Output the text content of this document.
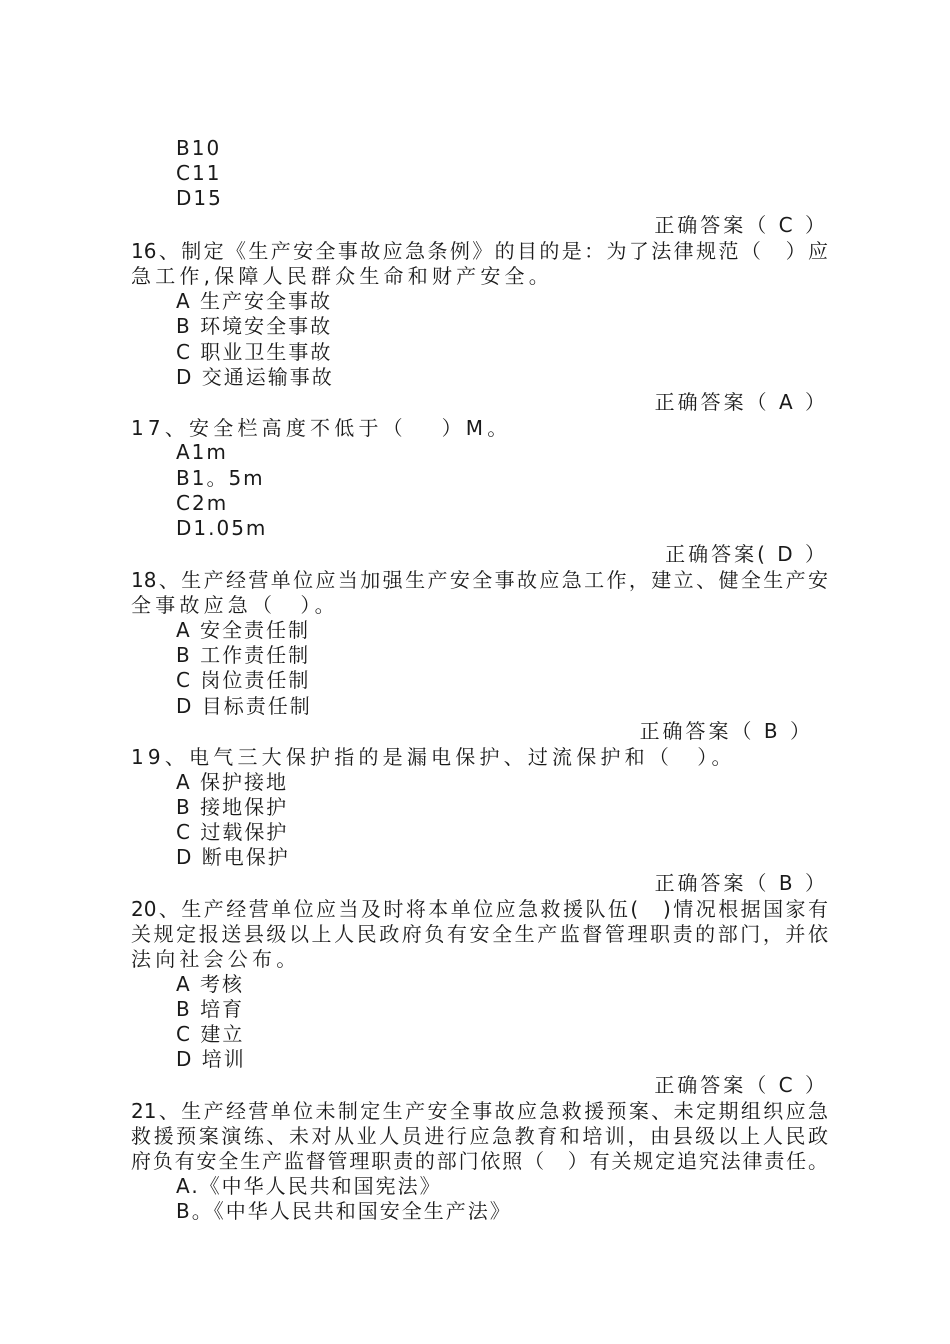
B10
C11
D15
正确答案（ C ）
16、制定《生产安全事故应急条例》的目的是：为了法律规范（　）应
急工作,保障人民群众生命和财产安全。
A 生产安全事故
B 环境安全事故
C 职业卫生事故
D 交通运输事故
正确答案（ A ）
17、安全栏高度不低于（　 ）M。
A1m
B1。5m
C2m
D1.05m
正确答案( D ）
18、生产经营单位应当加强生产安全事故应急工作，建立、健全生产安
全事故应急（　）。
A 安全责任制
B 工作责任制
C 岗位责任制
D 目标责任制
正确答案（ B ）
19、电气三大保护指的是漏电保护、过流保护和（　）。
A 保护接地
B 接地保护
C 过载保护
D 断电保护
正确答案（ B ）
20、生产经营单位应当及时将本单位应急救援队伍(　)情况根据国家有
关规定报送县级以上人民政府负有安全生产监督管理职责的部门，并依
法向社会公布。
A 考核
B 培育
C 建立
D 培训
正确答案（ C ）
21、生产经营单位未制定生产安全事故应急救援预案、未定期组织应急
救援预案演练、未对从业人员进行应急教育和培训，由县级以上人民政
府负有安全生产监督管理职责的部门依照（　）有关规定追究法律责任。
A.《中华人民共和国宪法》
B。《中华人民共和国安全生产法》
